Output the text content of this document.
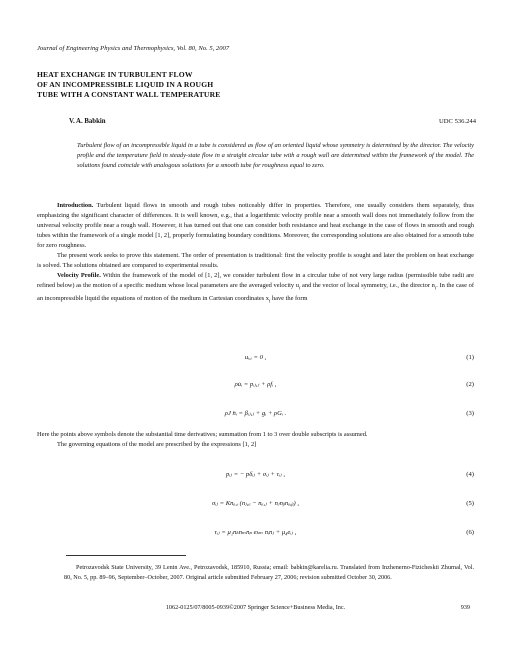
Journal of Engineering Physics and Thermophysics, Vol. 80, No. 5, 2007
HEAT EXCHANGE IN TURBULENT FLOW
OF AN INCOMPRESSIBLE LIQUID IN A ROUGH
TUBE WITH A CONSTANT WALL TEMPERATURE
V. A. Babkin	UDC 536.244
Turbulent flow of an incompressible liquid in a tube is considered as flow of an oriented liquid whose symmetry is determined by the director. The velocity profile and the temperature field in steady-state flow in a straight circular tube with a rough wall are determined within the framework of the model. The solutions found coincide with analogous solutions for a smooth tube for roughness equal to zero.

Introduction. Turbulent liquid flows in smooth and rough tubes noticeably differ in properties. Therefore, one usually considers them separately, thus emphasizing the significant character of differences. It is well known, e.g., that a logarithmic velocity profile near a smooth wall does not immediately follow from the universal velocity profile near a rough wall. However, it has turned out that one can consider both resistance and heat exchange in the case of flows in smooth and rough tubes within the framework of a single model [1, 2], properly formulating boundary conditions. Moreover, the corresponding solutions are also obtained for a smooth tube for zero roughness.

The present work seeks to prove this statement. The order of presentation is traditional: first the velocity profile is sought and later the problem on heat exchange is solved. The solutions obtained are compared to experimental results.

Velocity Profile. Within the framework of the model of [1, 2], we consider turbulent flow in a circular tube of not very large radius (permissible tube radii are refined below) as the motion of a specific medium whose local parameters are the averaged velocity $u_i$ and the vector of local symmetry, i.e., the director $n_i$. In the case of an incompressible liquid the equations of motion of the medium in Cartesian coordinates $x_i$ have the form

uᵢ,ᵢ = 0 ,	(1)
ρu̇ᵢ = pᵢⱼ,ⱼ + ρfᵢ ,	(2)
ρJ n̈ᵢ = βᵢⱼ,ⱼ + gᵢ + ρGᵢ .	(3)

Here the points above symbols denote the substantial time derivatives; summation from 1 to 3 over double subscripts is assumed.

The governing equations of the model are prescribed by the expressions [1, 2]

pᵢⱼ = − pδᵢⱼ + σᵢⱼ + τᵢⱼ ,	(4)
σᵢⱼ = Knₐ,ᵢ (nⱼ,ₐ − nₐ,ⱼ + nⱼnᵦnₐ,ᵦ) ,	(5)
τᵢⱼ = μ₁nₖnₘnₚ eₖₘ nᵢnⱼ + μ₄eᵢⱼ ,	(6)

Petrozavodsk State University, 39 Lenin Ave., Petrozavodsk, 185910, Russia; email: babkin@karelia.ru. Translated from Inzhenerno-Fizicheskii Zhurnal, Vol. 80, No. 5, pp. 89–96, September–October, 2007. Original article submitted February 27, 2006; revision submitted October 30, 2006.

1062-0125/07/8005-0939©2007 Springer Science+Business Media, Inc.	939
